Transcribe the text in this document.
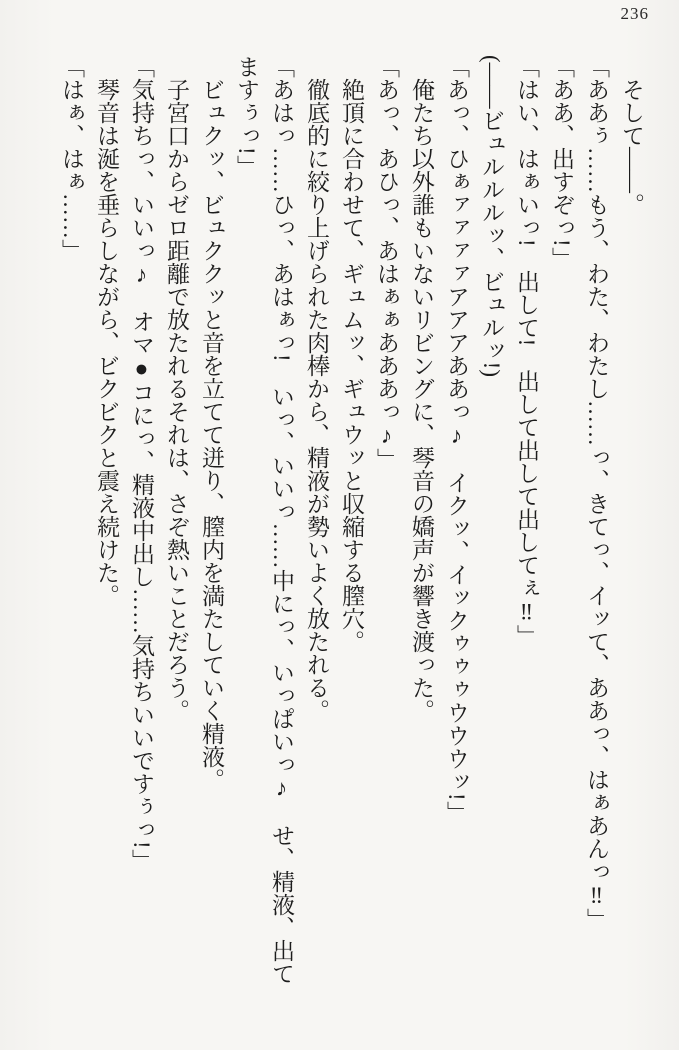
236

そして――。

「ああぅ……もう、わた、わたし……っ、きてっ、イッて、ああっ、はぁあんっ‼」

「ああ、出すぞっ!」

「はい、はぁいっ!　出して!　出して出して出してぇ‼」

(――ビュルルルッ、ビュルッ!)

「あっ、ひぁァァァァアアアああっ♪　イクッ、イックゥゥゥウウウッ!」

俺たち以外誰もいないリビングに、琴音の嬌声が響き渡った。

「あっ、あひっ、あはぁぁあああっ♪」

絶頂に合わせて、ギュムッ、ギュウッと収縮する膣穴。

徹底的に絞り上げられた肉棒から、精液が勢いよく放たれる。

「あはっ……ひっ、あはぁっ!　いっ、いいっ……中にっ、いっぱいっ♪　せ、精液、出てますぅっ!」

ビュクッ、ビュククッと音を立てて迸り、膣内を満たしていく精液。

子宮口からゼロ距離で放たれるそれは、さぞ熱いことだろう。

「気持ちっ、いいっ♪　オマ●コにっ、精液中出し……気持ちいいですぅっ!」

琴音は涎を垂らしながら、ビクビクと震え続けた。

「はぁ、はぁ……」
